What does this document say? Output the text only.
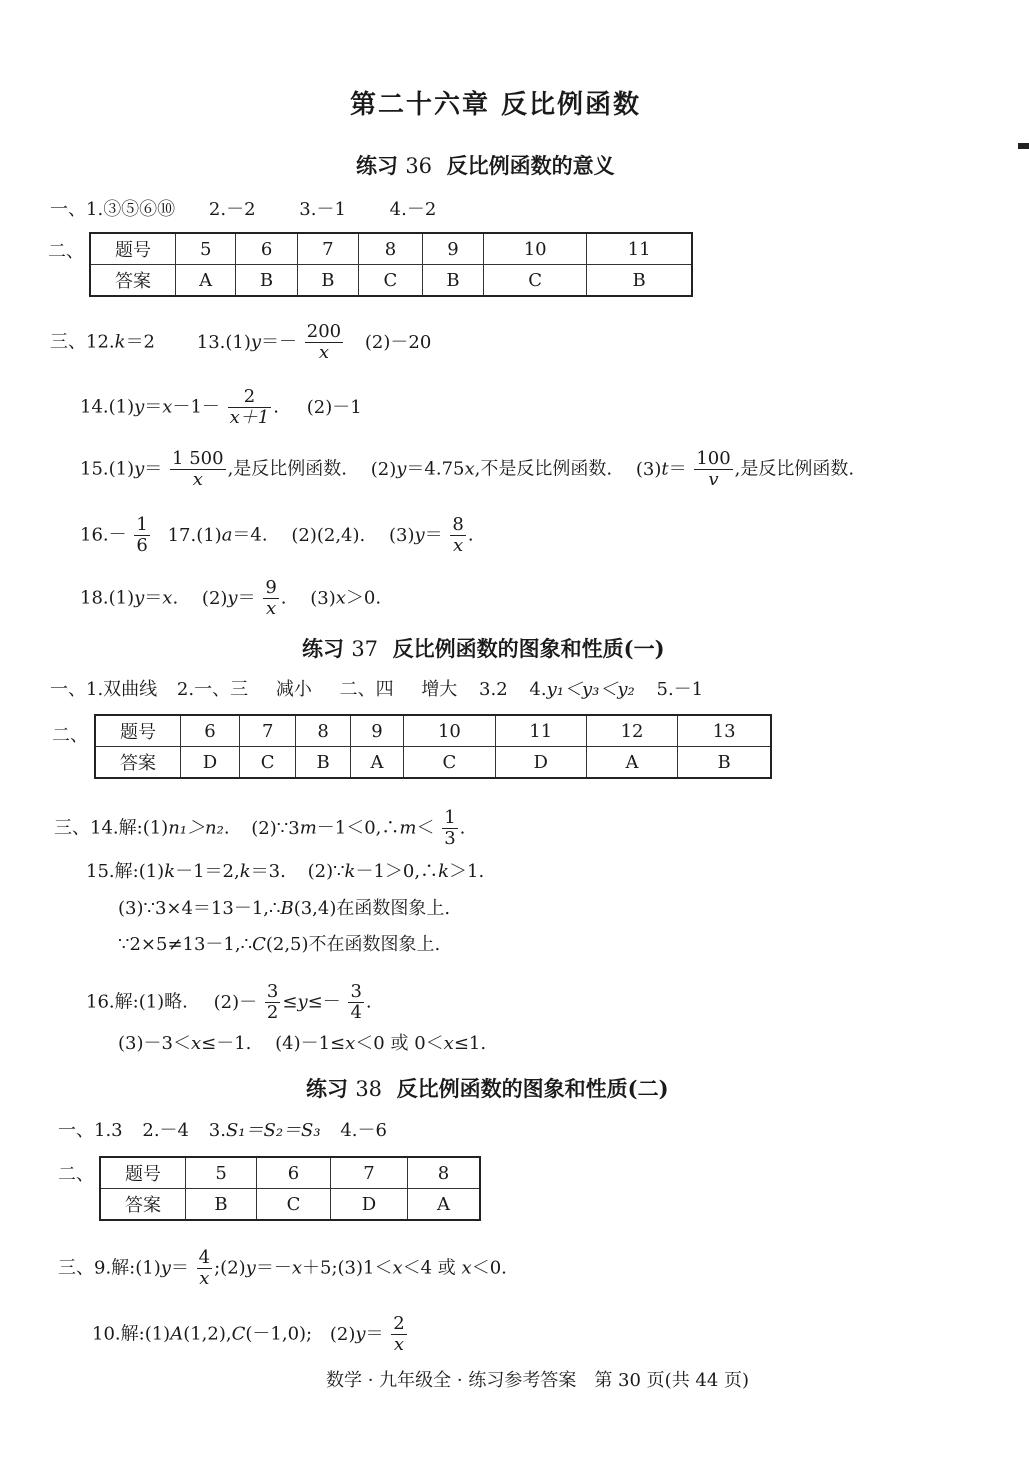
第二十六章 反比例函数
练习 36 反比例函数的意义
一、1.③⑤⑥⑩ 2.－2 3.－1 4.－2
二、 题号	5	6	7	8	9	10	11
答案	A	B	B	C	B	C	B
三、12.k＝2 $13.(1)y=- \frac{200}{x} (2)-20$
$14.(1)y=x-1- \frac{2}{x+1}$ . (2)－1
$15.(1)y= \frac{1 500}{x}$ ,是反比例函数. (2)y＝4.75x,不是反比例函数. $(3)t= \frac{100}{v}$ ,是反比例函数.
$16.- \frac{1}{6} 17.(1)a=4$. (2)(2,4). $(3)y= \frac{8}{x}$ .
18.(1)y＝x. $(2)y= \frac{9}{x}$ . (3)x＞0.
练习 37 反比例函数的图象和性质(一)
一、1.双曲线 2.一、三 减小 二、四 增大 3.2 4.y₁＜y₃＜y₂ 5.－1
二、 题号	6	7	8	9	10	11	12	13
答案	D	C	B	A	C	D	A	B
三、14.解:(1)n₁＞n₂. (2)∵3m－1＜0,∴m＜ $\frac{1}{3}$ .
15.解:(1)k－1＝2,k＝3. (2)∵k－1＞0,∴k＞1.
(3)∵3×4＝13－1,∴B(3,4)在函数图象上.
∵2×5≠13－1,∴C(2,5)不在函数图象上.
16.解:(1)略. $(2)- \frac{3}{2} \le y\le- \frac{3}{4}$ .
(3)－3＜x≤－1. (4)－1≤x＜0 或 0＜x≤1.
练习 38 反比例函数的图象和性质(二)
一、1.3 2.－4 3.S₁＝S₂＝S₃ 4.－6
二、 题号	5	6	7	8
答案	B	C	D	A
三、9.解:(1)y＝ $\frac{4}{x}$ ;(2)y＝－x＋5;(3)1＜x＜4 或 x＜0.
10.解:(1)A(1,2),C(－1,0); $(2)y= \frac{2}{x}$
数学 · 九年级全 · 练习参考答案　第 30 页(共 44 页)
